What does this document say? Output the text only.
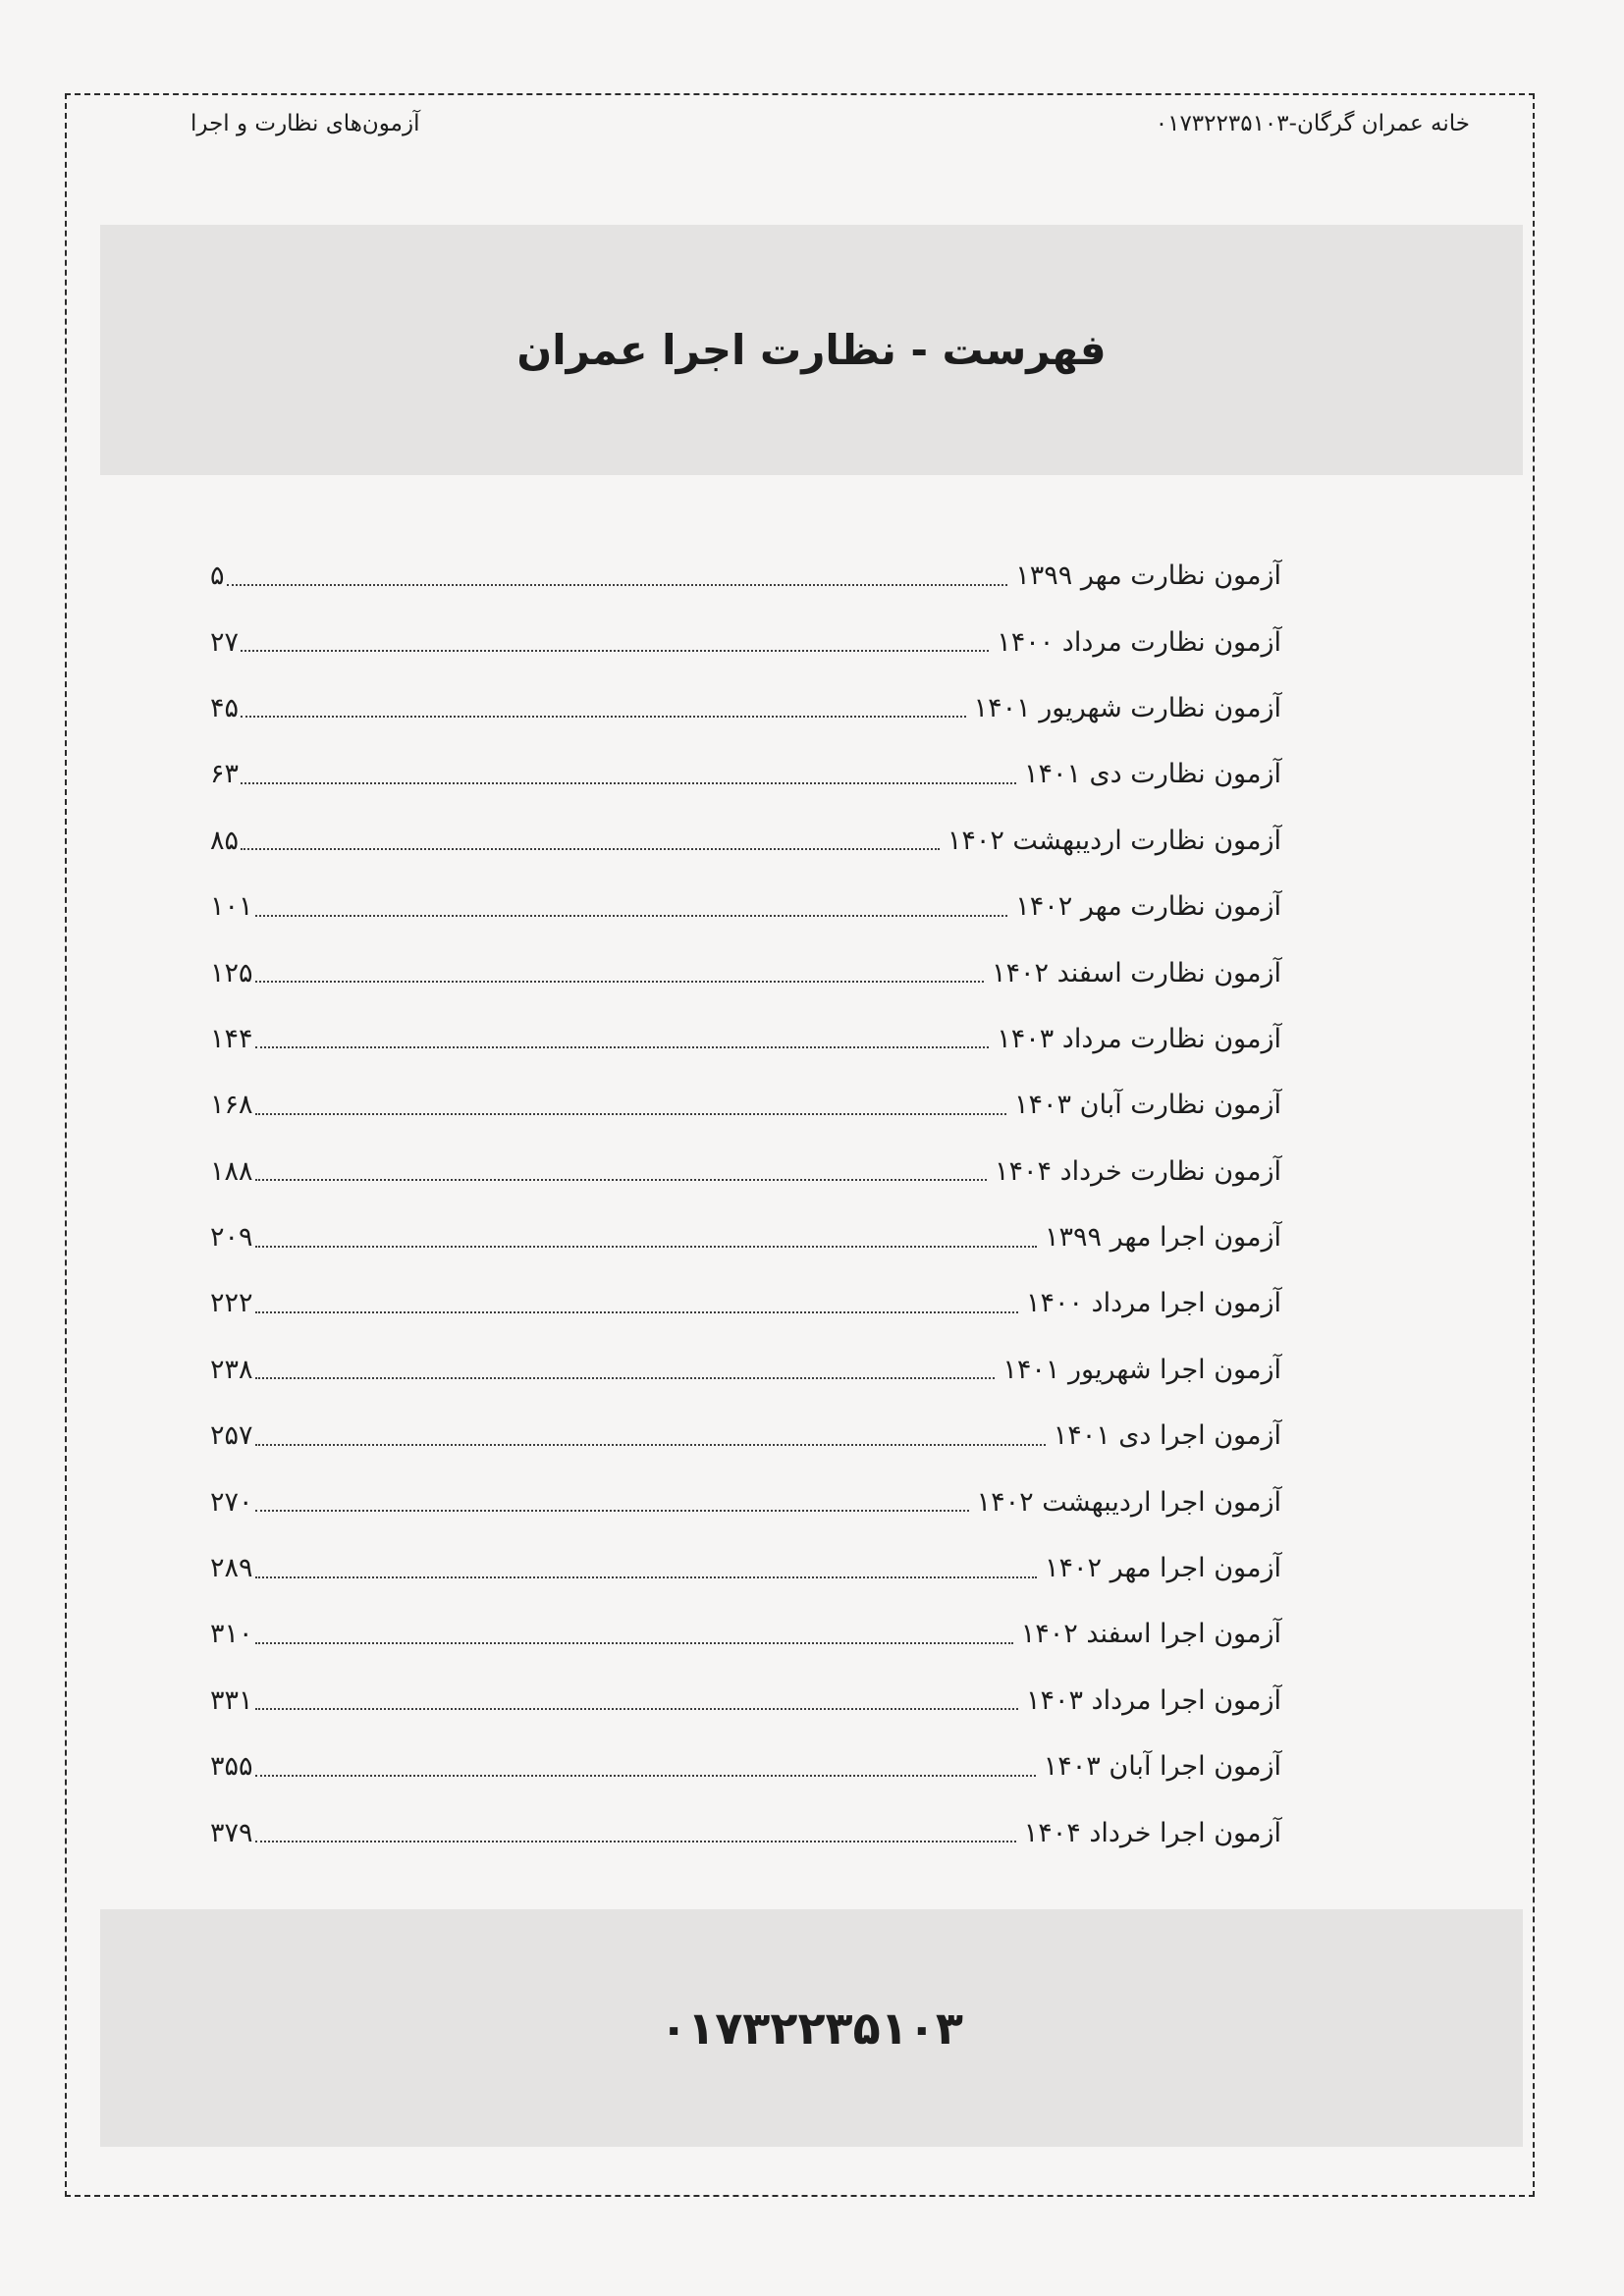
خانه عمران گرگان-۰۱۷۳۲۲۳۵۱۰۳
آزمون‌های نظارت و اجرا
فهرست - نظارت اجرا عمران
آزمون نظارت مهر ۱۳۹۹
۵
آزمون نظارت مرداد ۱۴۰۰
۲۷
آزمون نظارت شهریور ۱۴۰۱
۴۵
آزمون نظارت دی ۱۴۰۱
۶۳
آزمون نظارت اردیبهشت ۱۴۰۲
۸۵
آزمون نظارت مهر ۱۴۰۲
۱۰۱
آزمون نظارت اسفند ۱۴۰۲
۱۲۵
آزمون نظارت مرداد ۱۴۰۳
۱۴۴
آزمون نظارت آبان ۱۴۰۳
۱۶۸
آزمون نظارت خرداد ۱۴۰۴
۱۸۸
آزمون اجرا مهر ۱۳۹۹
۲۰۹
آزمون اجرا مرداد ۱۴۰۰
۲۲۲
آزمون اجرا شهریور ۱۴۰۱
۲۳۸
آزمون اجرا دی ۱۴۰۱
۲۵۷
آزمون اجرا اردیبهشت ۱۴۰۲
۲۷۰
آزمون اجرا مهر ۱۴۰۲
۲۸۹
آزمون اجرا اسفند ۱۴۰۲
۳۱۰
آزمون اجرا مرداد ۱۴۰۳
۳۳۱
آزمون اجرا آبان ۱۴۰۳
۳۵۵
آزمون اجرا خرداد ۱۴۰۴
۳۷۹
۰۱۷۳۲۲۳۵۱۰۳
